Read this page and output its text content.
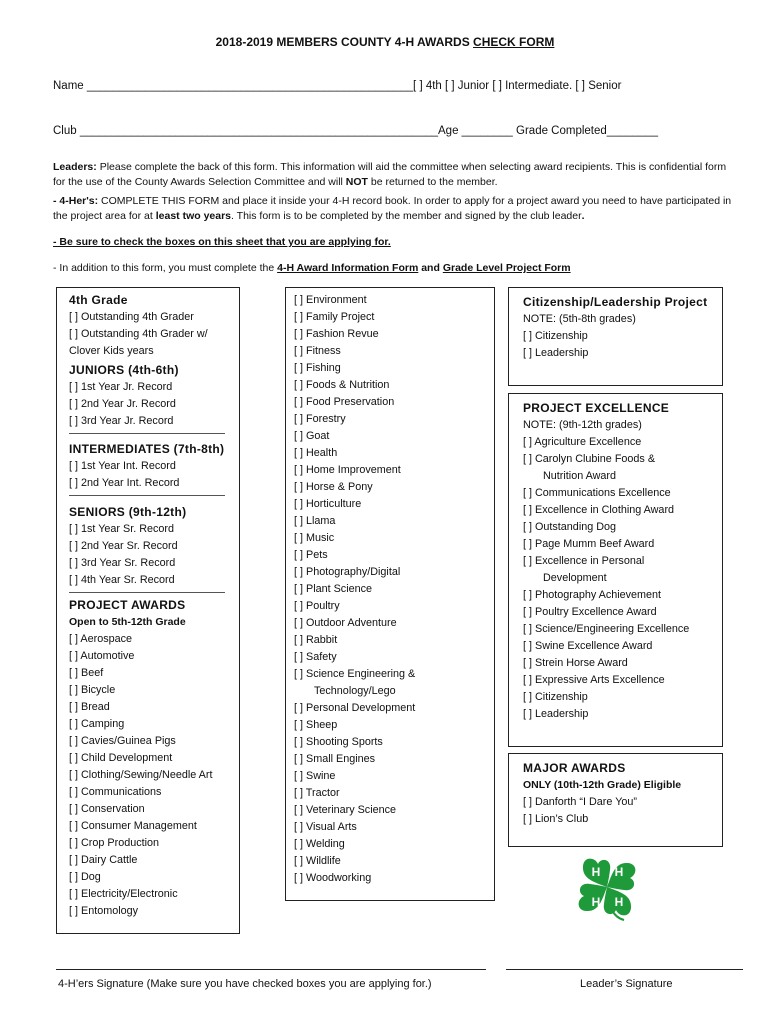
2018-2019 MEMBERS COUNTY 4-H AWARDS CHECK FORM
Name ___________________________________________________[ ] 4th [ ] Junior [ ] Intermediate. [ ] Senior
Club ________________________________________________________Age ________ Grade Completed________
Leaders: Please complete the back of this form. This information will aid the committee when selecting award recipients. This is confidential form for the use of the County Awards Selection Committee and will NOT be returned to the member.
- 4-Her's: COMPLETE THIS FORM and place it inside your 4-H record book. In order to apply for a project award you need to have participated in the project area for at least two years. This form is to be completed by the member and signed by the club leader.
- Be sure to check the boxes on this sheet that you are applying for.
- In addition to this form, you must complete the 4-H Award Information Form and Grade Level Project Form
4th Grade
[ ] Outstanding 4th Grader
[ ] Outstanding 4th Grader w/
Clover Kids years
JUNIORS (4th-6th)
[ ] 1st Year Jr. Record
[ ] 2nd Year Jr. Record
[ ] 3rd Year Jr. Record
INTERMEDIATES (7th-8th)
[ ] 1st Year Int. Record
[ ] 2nd Year Int. Record
SENIORS (9th-12th)
[ ] 1st Year Sr. Record
[ ] 2nd Year Sr. Record
[ ] 3rd Year Sr. Record
[ ] 4th Year Sr. Record
PROJECT AWARDS
Open to 5th-12th Grade
[ ] Aerospace
[ ] Automotive
[ ] Beef
[ ] Bicycle
[ ] Bread
[ ] Camping
[ ] Cavies/Guinea Pigs
[ ] Child Development
[ ] Clothing/Sewing/Needle Art
[ ] Communications
[ ] Conservation
[ ] Consumer Management
[ ] Crop Production
[ ] Dairy Cattle
[ ] Dog
[ ] Electricity/Electronic
[ ] Entomology
[ ] Environment
[ ] Family Project
[ ] Fashion Revue
[ ] Fitness
[ ] Fishing
[ ] Foods & Nutrition
[ ] Food Preservation
[ ] Forestry
[ ] Goat
[ ] Health
[ ] Home Improvement
[ ] Horse & Pony
[ ] Horticulture
[ ] Llama
[ ] Music
[ ] Pets
[ ] Photography/Digital
[ ] Plant Science
[ ] Poultry
[ ] Outdoor Adventure
[ ] Rabbit
[ ] Safety
[ ] Science Engineering &
Technology/Lego
[ ] Personal Development
[ ] Sheep
[ ] Shooting Sports
[ ] Small Engines
[ ] Swine
[ ] Tractor
[ ] Veterinary Science
[ ] Visual Arts
[ ] Welding
[ ] Wildlife
[ ] Woodworking
Citizenship/Leadership Project
NOTE: (5th-8th grades)
[ ] Citizenship
[ ] Leadership
PROJECT EXCELLENCE
NOTE: (9th-12th grades)
[ ] Agriculture Excellence
[ ] Carolyn Clubine Foods &
Nutrition Award
[ ] Communications Excellence
[ ] Excellence in Clothing Award
[ ] Outstanding Dog
[ ] Page Mumm Beef Award
[ ] Excellence in Personal
Development
[ ] Photography Achievement
[ ] Poultry Excellence Award
[ ] Science/Engineering Excellence
[ ] Swine Excellence Award
[ ] Strein Horse Award
[ ] Expressive Arts Excellence
[ ] Citizenship
[ ] Leadership
MAJOR AWARDS
ONLY (10th-12th Grade) Eligible
[ ] Danforth “I Dare You”
[ ] Lion’s Club
H H
H
H
4-H’ers Signature (Make sure you have checked boxes you are applying for.)	Leader’s Signature
